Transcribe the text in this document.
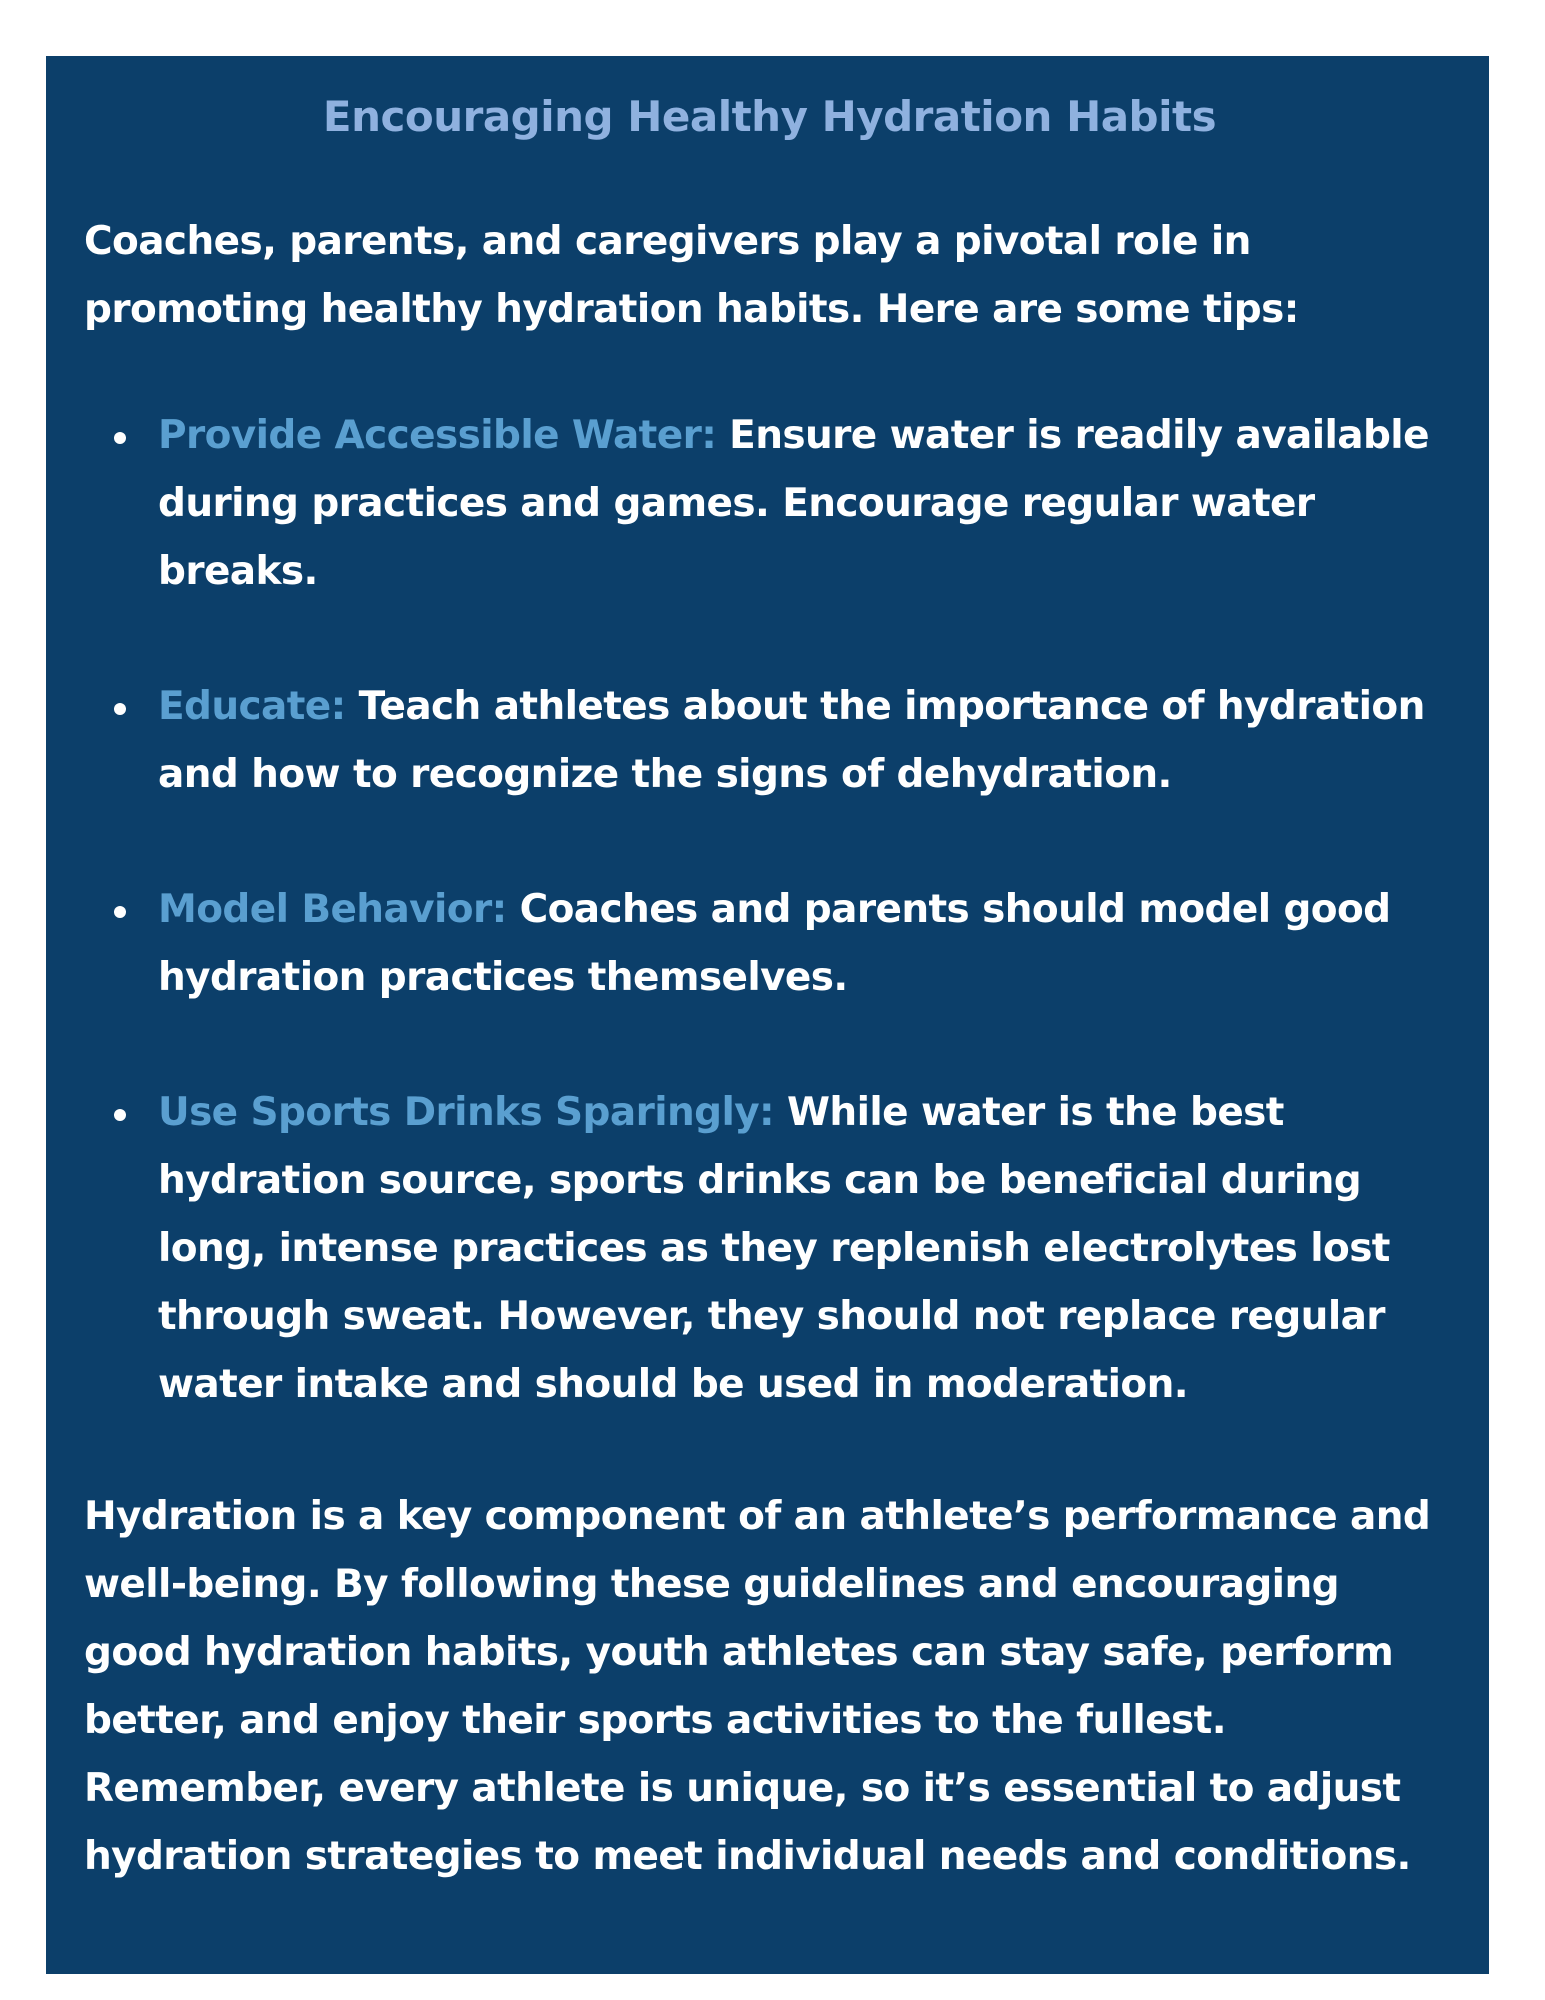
Encouraging Healthy Hydration Habits

Coaches, parents, and caregivers play a pivotal role in promoting healthy hydration habits. Here are some tips:

Provide Accessible Water: Ensure water is readily available during practices and games. Encourage regular water breaks.
Educate: Teach athletes about the importance of hydration and how to recognize the signs of dehydration.
Model Behavior: Coaches and parents should model good hydration practices themselves.
Use Sports Drinks Sparingly: While water is the best hydration source, sports drinks can be beneficial during long, intense practices as they replenish electrolytes lost through sweat. However, they should not replace regular water intake and should be used in moderation.

Hydration is a key component of an athlete’s performance and well-being. By following these guidelines and encouraging good hydration habits, youth athletes can stay safe, perform better, and enjoy their sports activities to the fullest. Remember, every athlete is unique, so it’s essential to adjust hydration strategies to meet individual needs and conditions.
